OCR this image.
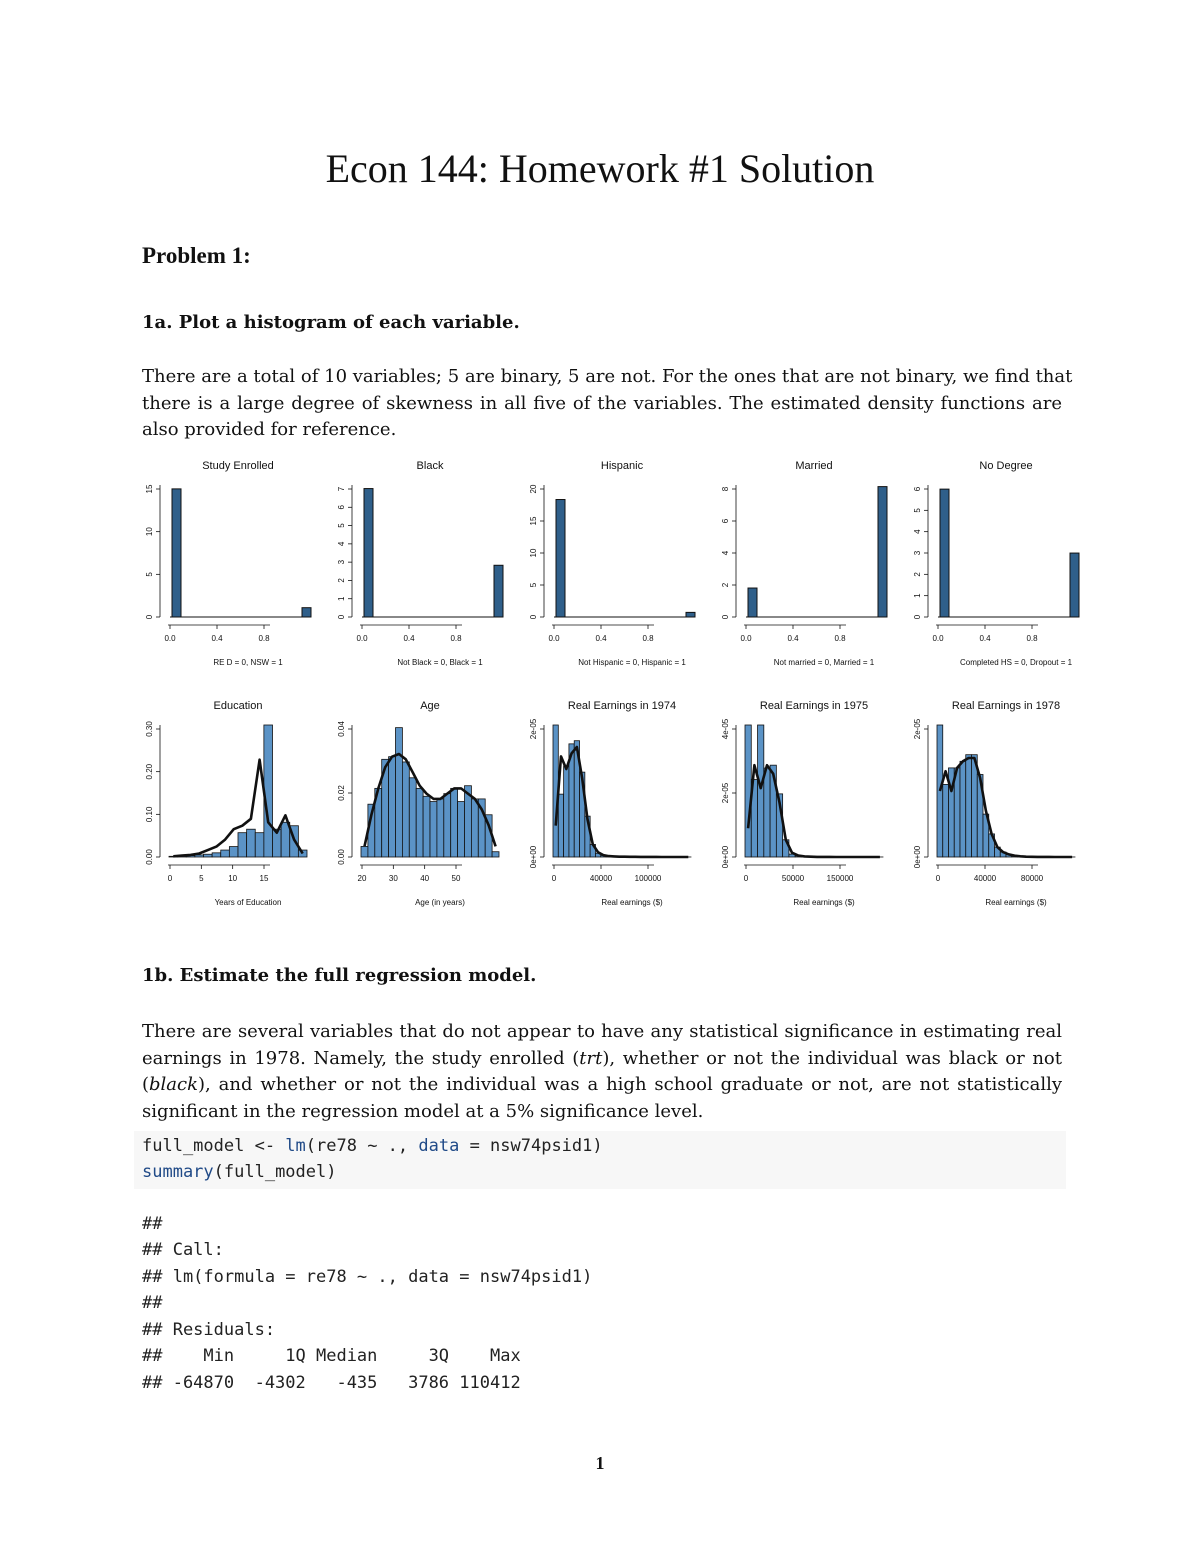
Econ 144: Homework #1 Solution
Problem 1:
1a. Plot a histogram of each variable.
There are a total of 10 variables; 5 are binary, 5 are not. For the ones that are not binary, we find that
there is a large degree of skewness in all five of the variables. The estimated density functions are
also provided for reference.
Study Enrolled
0
5
10
15
0.0	0.4	0.8
RE D = 0, NSW = 1
Black
0
1
2
3
4
5
6
7
0.0	0.4	0.8
Not Black = 0, Black = 1
Hispanic
0
5
10
15
20
0.0	0.4	0.8
Not Hispanic = 0, Hispanic = 1
Married
0
2
4
6
8
0.0	0.4	0.8
Not married = 0, Married = 1
No Degree
0
1
2
3
4
5
6
0.0	0.4	0.8
Completed HS = 0, Dropout = 1
Education
0.00
0.10
0.20
0.30
0	5	10	15
Years of Education
Age
0.00
0.02
0.04
20	30	40	50
Age (in years)
Real Earnings in 1974
0e+00
2e-05
0	40000	100000
Real earnings ($)
Real Earnings in 1975
0e+00
2e-05
4e-05
0	50000	150000
Real earnings ($)
Real Earnings in 1978
0e+00
2e-05
0	40000	80000
Real earnings ($)
1b. Estimate the full regression model.
There are several variables that do not appear to have any statistical significance in estimating real
earnings in 1978. Namely, the study enrolled (trt), whether or not the individual was black or not
(black), and whether or not the individual was a high school graduate or not, are not statistically
significant in the regression model at a 5% significance level.
full_model <- lm(re78 ~ ., data = nsw74psid1)
summary(full_model)
##
## Call:
## lm(formula = re78 ~ ., data = nsw74psid1)
##
## Residuals:
##    Min     1Q Median     3Q    Max
## -64870  -4302   -435   3786 110412
1
